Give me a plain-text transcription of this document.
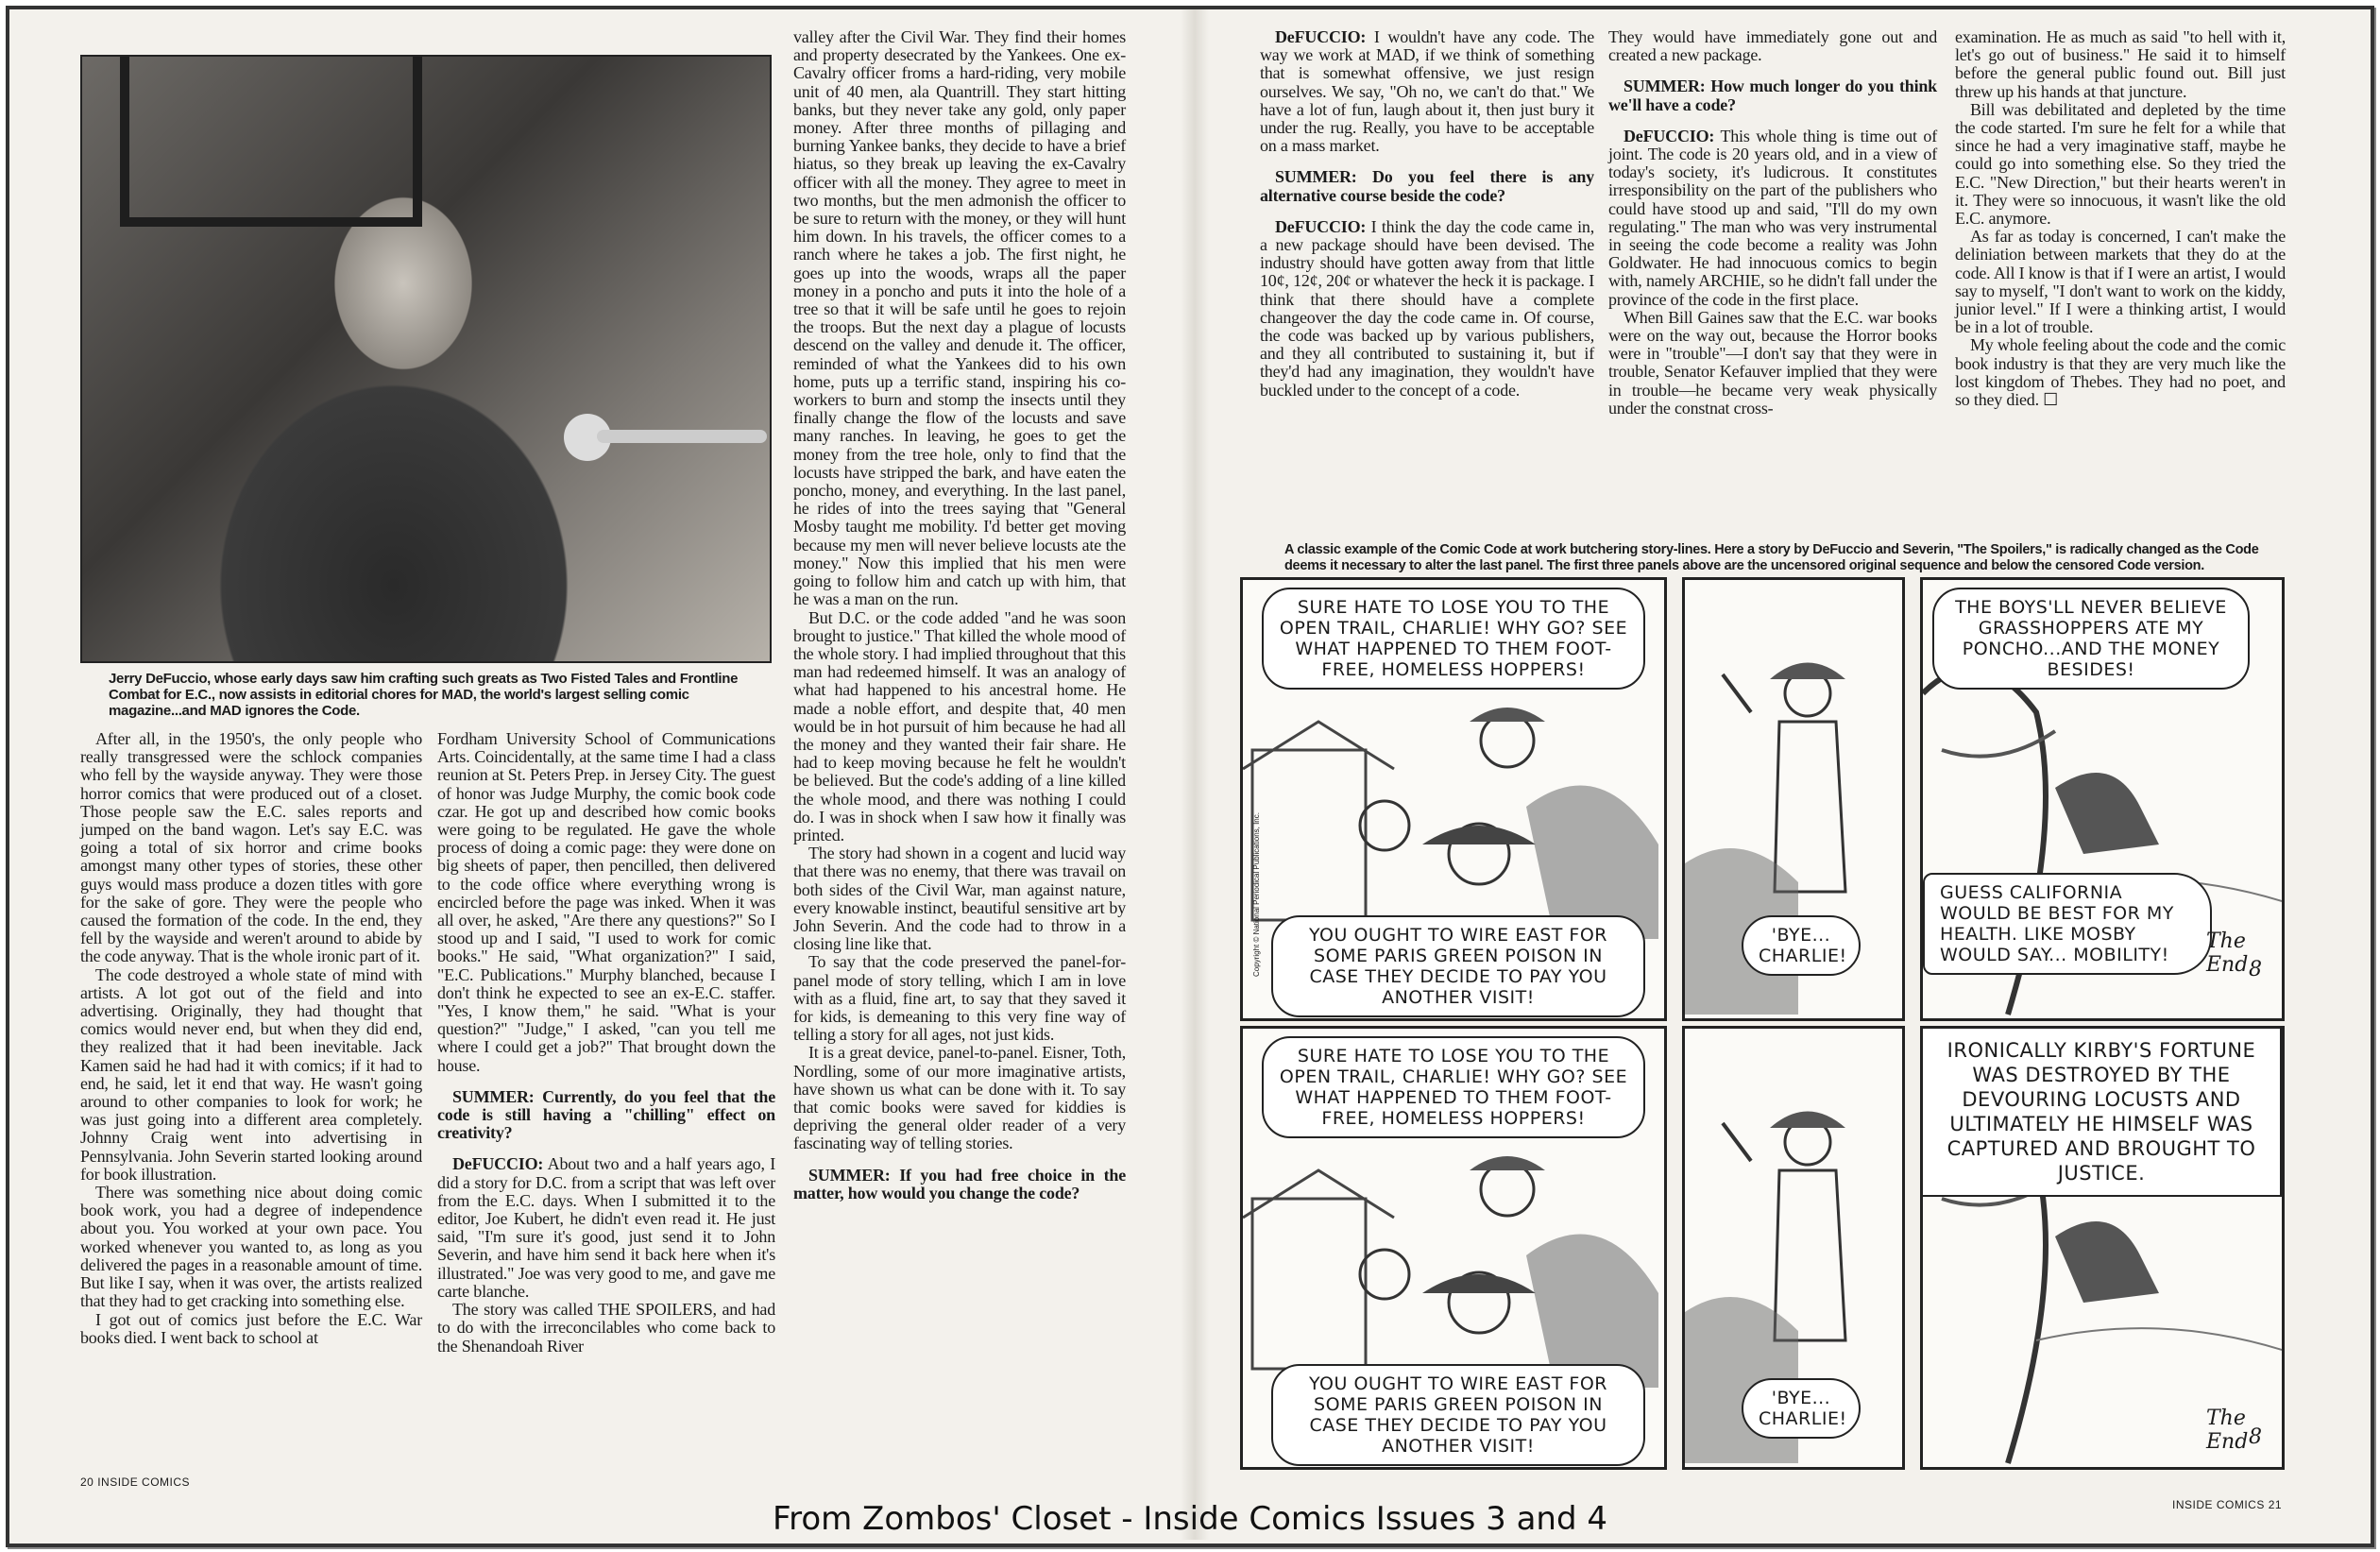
Jerry DeFuccio, whose early days saw him crafting such greats as Two Fisted Tales and Frontline Combat for E.C., now assists in editorial chores for MAD, the world's largest selling comic magazine...and MAD ignores the Code.

After all, in the 1950's, the only people who really transgressed were the schlock companies who fell by the wayside anyway. They were those horror comics that were produced out of a closet. Those people saw the E.C. sales reports and jumped on the band wagon. Let's say E.C. was going a total of six horror and crime books amongst many other types of stories, these other guys would mass produce a dozen titles with gore for the sake of gore. They were the people who caused the formation of the code. In the end, they fell by the wayside and weren't around to abide by the code anyway. That is the whole ironic part of it.

The code destroyed a whole state of mind with artists. A lot got out of the field and into advertising. Originally, they had thought that comics would never end, but when they did end, they realized that it had been inevitable. Jack Kamen said he had had it with comics; if it had to end, he said, let it end that way. He wasn't going around to other companies to look for work; he was just going into a different area completely. Johnny Craig went into advertising in Pennsylvania. John Severin started looking around for book illustration.

There was something nice about doing comic book work, you had a degree of independence about you. You worked at your own pace. You worked whenever you wanted to, as long as you delivered the pages in a reasonable amount of time. But like I say, when it was over, the artists realized that they had to get cracking into something else.

I got out of comics just before the E.C. War books died. I went back to school at

Fordham University School of Communications Arts. Coincidentally, at the same time I had a class reunion at St. Peters Prep. in Jersey City. The guest of honor was Judge Murphy, the comic book code czar. He got up and described how comic books were going to be regulated. He gave the whole process of doing a comic page: they were done on big sheets of paper, then pencilled, then delivered to the code office where everything wrong is encircled before the page was inked. When it was all over, he asked, "Are there any questions?" So I stood up and I said, "I used to work for comic books." He said, "What organization?" I said, "E.C. Publications." Murphy blanched, because I don't think he expected to see an ex-E.C. staffer. "Yes, I know them," he said. "What is your question?" "Judge," I asked, "can you tell me where I could get a job?" That brought down the house.

SUMMER: Currently, do you feel that the code is still having a "chilling" effect on creativity?

DeFUCCIO: About two and a half years ago, I did a story for D.C. from a script that was left over from the E.C. days. When I submitted it to the editor, Joe Kubert, he didn't even read it. He just said, "I'm sure it's good, just send it to John Severin, and have him send it back here when it's illustrated." Joe was very good to me, and gave me carte blanche.

The story was called THE SPOILERS, and had to do with the irreconcilables who come back to the Shenandoah River

valley after the Civil War. They find their homes and property desecrated by the Yankees. One ex-Cavalry officer froms a hard-riding, very mobile unit of 40 men, ala Quantrill. They start hitting banks, but they never take any gold, only paper money. After three months of pillaging and burning Yankee banks, they decide to have a brief hiatus, so they break up leaving the ex-Cavalry officer with all the money. They agree to meet in two months, but the men admonish the officer to be sure to return with the money, or they will hunt him down. In his travels, the officer comes to a ranch where he takes a job. The first night, he goes up into the woods, wraps all the paper money in a poncho and puts it into the hole of a tree so that it will be safe until he goes to rejoin the troops. But the next day a plague of locusts descend on the valley and denude it. The officer, reminded of what the Yankees did to his own home, puts up a terrific stand, inspiring his co-workers to burn and stomp the insects until they finally change the flow of the locusts and save many ranches. In leaving, he goes to get the money from the tree hole, only to find that the locusts have stripped the bark, and have eaten the poncho, money, and everything. In the last panel, he rides of into the trees saying that "General Mosby taught me mobility. I'd better get moving because my men will never believe locusts ate the money." Now this implied that his men were going to follow him and catch up with him, that he was a man on the run.

But D.C. or the code added "and he was soon brought to justice." That killed the whole mood of the whole story. I had implied throughout that this man had redeemed himself. It was an analogy of what had happened to his ancestral home. He made a noble effort, and despite that, 40 men would be in hot pursuit of him because he had all the money and they wanted their fair share. He had to keep moving because he felt he wouldn't be believed. But the code's adding of a line killed the whole mood, and there was nothing I could do. I was in shock when I saw how it finally was printed.

The story had shown in a cogent and lucid way that there was no enemy, that there was travail on both sides of the Civil War, man against nature, every knowable instinct, beautiful sensitive art by John Severin. And the code had to throw in a closing line like that.

To say that the code preserved the panel-for-panel mode of story telling, which I am in love with as a fluid, fine art, to say that they saved it for kids, is demeaning to this very fine way of telling a story for all ages, not just kids.

It is a great device, panel-to-panel. Eisner, Toth, Nordling, some of our more imaginative artists, have shown us what can be done with it. To say that comic books were saved for kiddies is depriving the general older reader of a very fascinating way of telling stories.

SUMMER: If you had free choice in the matter, how would you change the code?

20 INSIDE COMICS

DeFUCCIO: I wouldn't have any code. The way we work at MAD, if we think of something that is somewhat offensive, we just resign ourselves. We say, "Oh no, we can't do that." We have a lot of fun, laugh about it, then just bury it under the rug. Really, you have to be acceptable on a mass market.

SUMMER: Do you feel there is any alternative course beside the code?

DeFUCCIO: I think the day the code came in, a new package should have been devised. The industry should have gotten away from that little 10¢, 12¢, 20¢ or whatever the heck it is package. I think that there should have a complete changeover the day the code came in. Of course, the code was backed up by various publishers, and they all contributed to sustaining it, but if they'd had any imagination, they wouldn't have buckled under to the concept of a code.

They would have immediately gone out and created a new package.

SUMMER: How much longer do you think we'll have a code?

DeFUCCIO: This whole thing is time out of joint. The code is 20 years old, and in a view of today's society, it's ludicrous. It constitutes irresponsibility on the part of the publishers who could have stood up and said, "I'll do my own regulating." The man who was very instrumental in seeing the code become a reality was John Goldwater. He had innocuous comics to begin with, namely ARCHIE, so he didn't fall under the province of the code in the first place.

When Bill Gaines saw that the E.C. war books were on the way out, because the Horror books were in "trouble"—I don't say that they were in trouble, Senator Kefauver implied that they were in trouble—he became very weak physically under the constnat cross-

examination. He as much as said "to hell with it, let's go out of business." He said it to himself before the general public found out. Bill just threw up his hands at that juncture.

Bill was debilitated and depleted by the time the code started. I'm sure he felt for a while that since he had a very imaginative staff, maybe he could go into something else. So they tried the E.C. "New Direction," but their hearts weren't in it. They were so innocuous, it wasn't like the old E.C. anymore.

As far as today is concerned, I can't make the deliniation between markets that they do at the code. All I know is that if I were an artist, I would say to myself, "I don't want to work on the kiddy, junior level." If I were a thinking artist, I would be in a lot of trouble.

My whole feeling about the code and the comic book industry is that they are very much like the lost kingdom of Thebes. They had no poet, and so they died. ☐

A classic example of the Comic Code at work butchering story-lines. Here a story by DeFuccio and Severin, "The Spoilers," is radically changed as the Code deems it necessary to alter the last panel. The first three panels above are the uncensored original sequence and below the censored Code version.
SURE HATE TO LOSE YOU TO THE OPEN TRAIL, CHARLIE! WHY GO? SEE WHAT HAPPENED TO THEM FOOT-FREE, HOMELESS HOPPERS!
YOU OUGHT TO WIRE EAST FOR SOME PARIS GREEN POISON IN CASE THEY DECIDE TO PAY YOU ANOTHER VISIT!
Copyright © National Periodical Publications, Inc.	'BYE... CHARLIE!
THE BOYS'LL NEVER BELIEVE GRASSHOPPERS ATE MY PONCHO...AND THE MONEY BESIDES!
GUESS CALIFORNIA WOULD BE BEST FOR MY HEALTH. LIKE MOSBY WOULD SAY... MOBILITY!
The End 8
SURE HATE TO LOSE YOU TO THE OPEN TRAIL, CHARLIE! WHY GO? SEE WHAT HAPPENED TO THEM FOOT-FREE, HOMELESS HOPPERS!
YOU OUGHT TO WIRE EAST FOR SOME PARIS GREEN POISON IN CASE THEY DECIDE TO PAY YOU ANOTHER VISIT!
'BYE... CHARLIE!
IRONICALLY KIRBY'S FORTUNE WAS DESTROYED BY THE DEVOURING LOCUSTS AND ULTIMATELY HE HIMSELF WAS CAPTURED AND BROUGHT TO JUSTICE.
The End 8
INSIDE COMICS 21
From Zombos' Closet - Inside Comics Issues 3 and 4
